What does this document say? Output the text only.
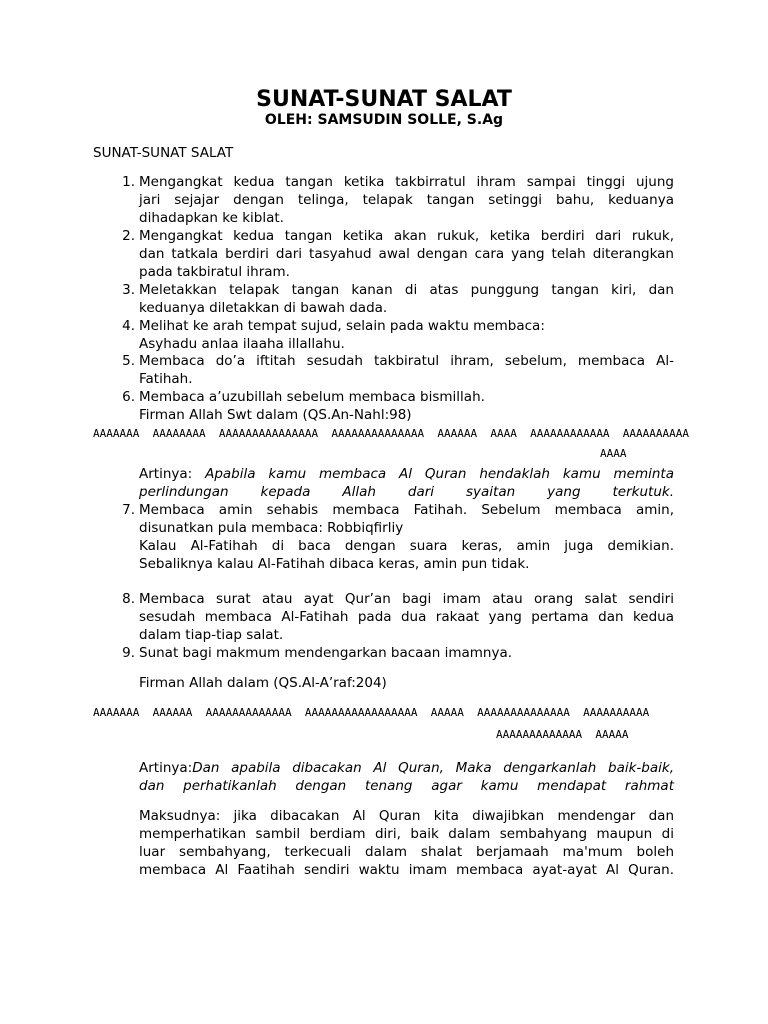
SUNAT-SUNAT SALAT
OLEH: SAMSUDIN SOLLE, S.Ag
SUNAT-SUNAT SALAT
1. Mengangkat kedua tangan ketika takbirratul ihram sampai tinggi ujung
jari sejajar dengan telinga, telapak tangan setinggi bahu, keduanya
dihadapkan ke kiblat.
2. Mengangkat kedua tangan ketika akan rukuk, ketika berdiri dari rukuk,
dan tatkala berdiri dari tasyahud awal dengan cara yang telah diterangkan
pada takbiratul ihram.
3. Meletakkan telapak tangan kanan di atas punggung tangan kiri, dan
keduanya diletakkan di bawah dada.
4. Melihat ke arah tempat sujud, selain pada waktu membaca:
Asyhadu anlaa ilaaha illallahu.
5. Membaca do’a iftitah sesudah takbiratul ihram, sebelum, membaca Al-
Fatihah.
6. Membaca a’uzubillah sebelum membaca bismillah.
Firman Allah Swt dalam (QS.An-Nahl:98)
ААААААА  АААААААА  ААААААААААААААА  АААААААААААААА  АААААА  АААА  АААААААААААА  АААААААААА
АААА
Artinya: Apabila kamu membaca Al Quran hendaklah kamu meminta
perlindungan kepada Allah dari syaitan yang terkutuk.
7. Membaca amin sehabis membaca Fatihah. Sebelum membaca amin,
disunatkan pula membaca: Robbiqfirliy
Kalau Al-Fatihah di baca dengan suara keras, amin juga demikian.
Sebaliknya kalau Al-Fatihah dibaca keras, amin pun tidak.
8. Membaca surat atau ayat Qur’an bagi imam atau orang salat sendiri
sesudah membaca Al-Fatihah pada dua rakaat yang pertama dan kedua
dalam tiap-tiap salat.
9. Sunat bagi makmum mendengarkan bacaan imamnya.
Firman Allah dalam (QS.Al-A’raf:204)
ААААААА  АААААА  ААААААААААААА  ААААААААААААААААА  ААААА  АААААААААААААА  АААААААААА
ААААААААААААА  ААААА
Artinya:Dan apabila dibacakan Al Quran, Maka dengarkanlah baik-baik,
dan perhatikanlah dengan tenang agar kamu mendapat rahmat
Maksudnya: jika dibacakan Al Quran kita diwajibkan mendengar dan
memperhatikan sambil berdiam diri, baik dalam sembahyang maupun di
luar sembahyang, terkecuali dalam shalat berjamaah ma'mum boleh
membaca Al Faatihah sendiri waktu imam membaca ayat-ayat Al Quran.
